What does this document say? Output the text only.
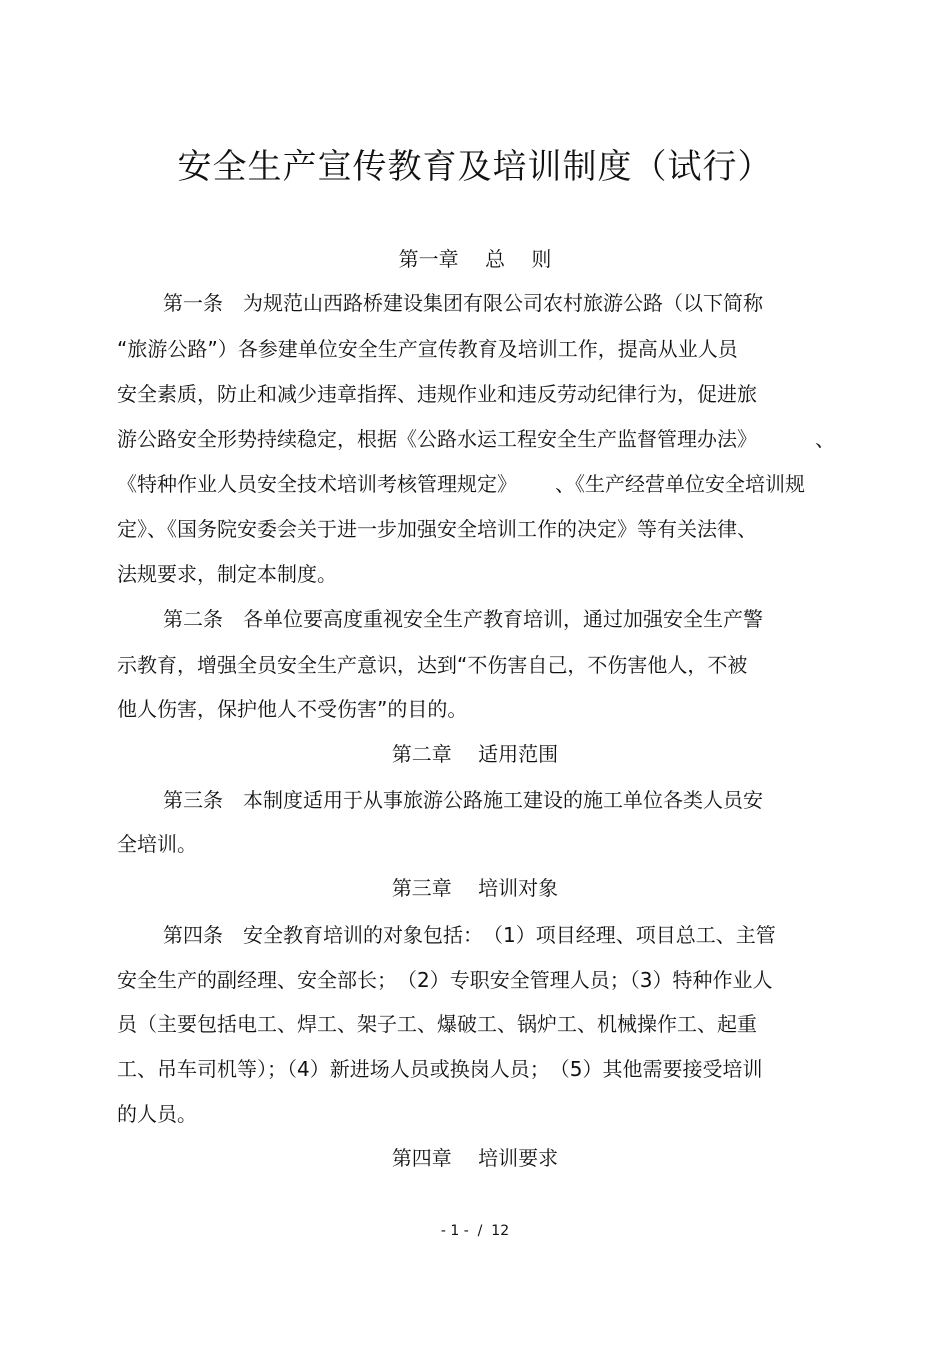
安全生产宣传教育及培训制度（试行）
第一章　 总　 则
第一条　为规范山西路桥建设集团有限公司农村旅游公路（以下简称
“旅游公路”）各参建单位安全生产宣传教育及培训工作，提高从业人员
安全素质，防止和减少违章指挥、违规作业和违反劳动纪律行为，促进旅
游公路安全形势持续稳定，根据《公路水运工程安全生产监督管理办法》	、
《特种作业人员安全技术培训考核管理规定》 、《生产经营单位安全培训规
定》、《国务院安委会关于进一步加强安全培训工作的决定》等有关法律、
法规要求，制定本制度。
第二条　各单位要高度重视安全生产教育培训，通过加强安全生产警
示教育，增强全员安全生产意识，达到“不伤害自己，不伤害他人，不被
他人伤害，保护他人不受伤害”的目的。
第二章　 适用范围
第三条　本制度适用于从事旅游公路施工建设的施工单位各类人员安
全培训。
第三章　 培训对象
第四条　安全教育培训的对象包括：　（1）项目经理、项目总工、主管
安全生产的副经理、安全部长；　（2）专职安全管理人员；（3）特种作业人
员（主要包括电工、焊工、架子工、爆破工、锅炉工、机械操作工、起重
工、吊车司机等）；（4）新进场人员或换岗人员；　（5）其他需要接受培训
的人员。
第四章　 培训要求
- 1 -  /  12
